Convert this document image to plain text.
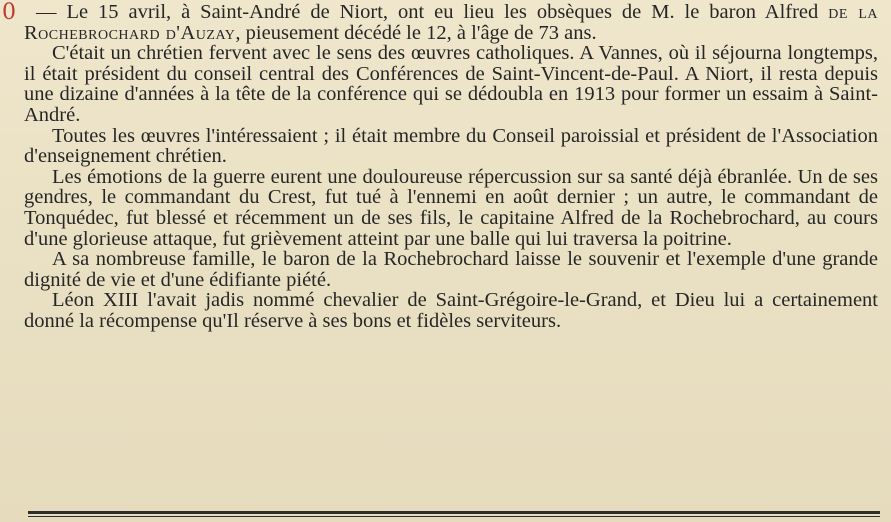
0 — Le 15 avril, à Saint-André de Niort, ont eu lieu les obsèques de M. le baron Alfred de la Rochebrochard d'Auzay, pieusement décédé le 12, à l'âge de 73 ans.

C'était un chrétien fervent avec le sens des œuvres catholiques. A Vannes, où il séjourna longtemps, il était président du conseil central des Conférences de Saint-Vincent-de-Paul. A Niort, il resta depuis une dizaine d'années à la tête de la conférence qui se dédoubla en 1913 pour former un essaim à Saint-André.

Toutes les œuvres l'intéressaient ; il était membre du Conseil paroissial et président de l'Association d'enseignement chrétien.

Les émotions de la guerre eurent une douloureuse répercussion sur sa santé déjà ébranlée. Un de ses gendres, le commandant du Crest, fut tué à l'ennemi en août dernier ; un autre, le commandant de Tonquédec, fut blessé et récemment un de ses fils, le capitaine Alfred de la Rochebrochard, au cours d'une glorieuse attaque, fut grièvement atteint par une balle qui lui traversa la poitrine.

A sa nombreuse famille, le baron de la Rochebrochard laisse le souvenir et l'exemple d'une grande dignité de vie et d'une édifiante piété.

Léon XIII l'avait jadis nommé chevalier de Saint-Grégoire-le-Grand, et Dieu lui a certainement donné la récompense qu'Il réserve à ses bons et fidèles serviteurs.
